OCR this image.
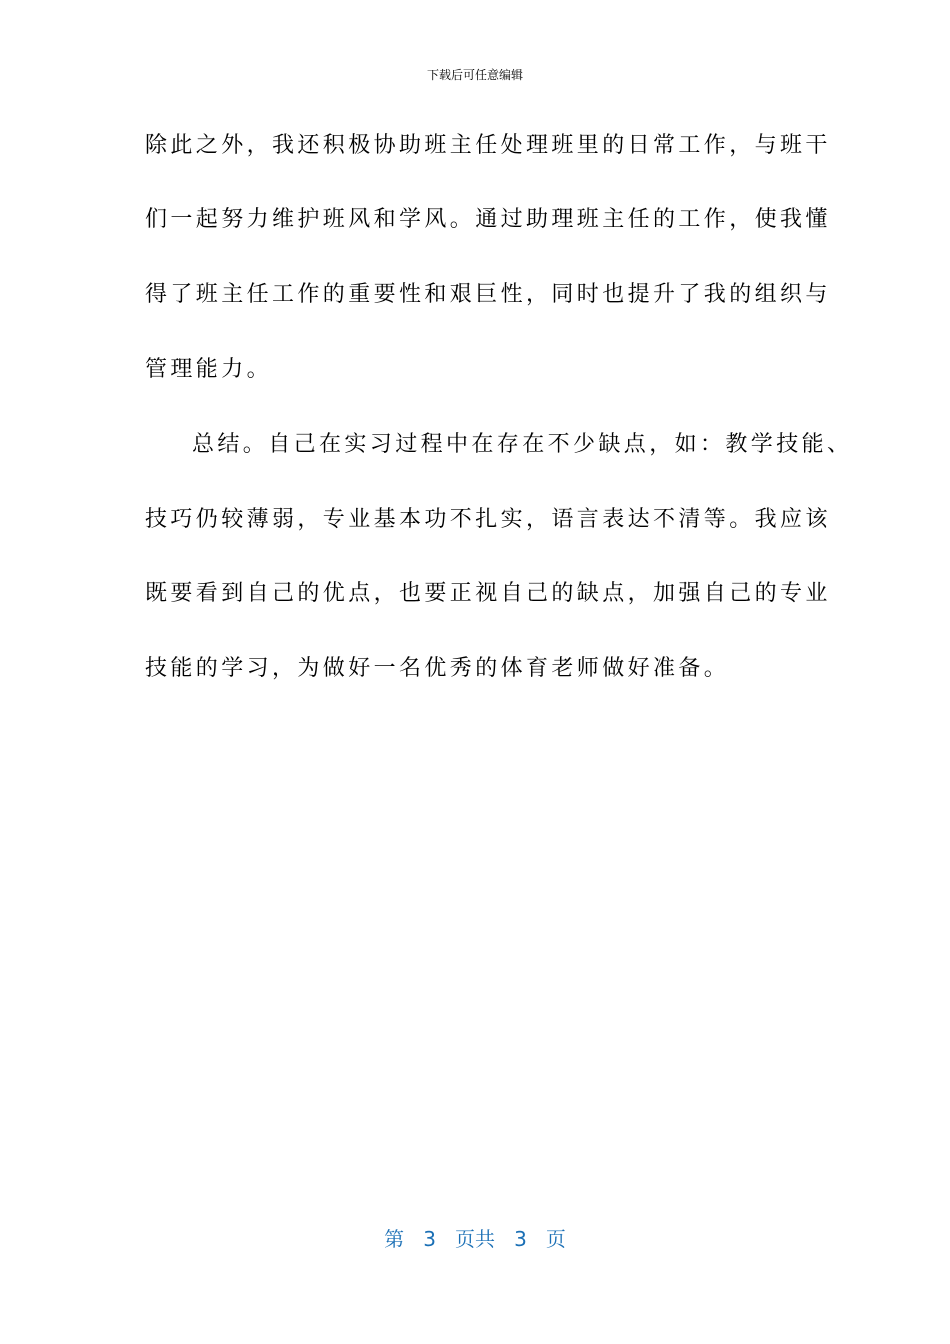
下载后可任意编辑
除此之外，我还积极协助班主任处理班里的日常工作，与班干
们一起努力维护班风和学风。通过助理班主任的工作，使我懂
得了班主任工作的重要性和艰巨性，同时也提升了我的组织与
管理能力。
总结。自己在实习过程中在存在不少缺点，如：教学技能、
技巧仍较薄弱，专业基本功不扎实，语言表达不清等。我应该
既要看到自己的优点，也要正视自己的缺点，加强自己的专业
技能的学习，为做好一名优秀的体育老师做好准备。
第 3 页共 3 页
